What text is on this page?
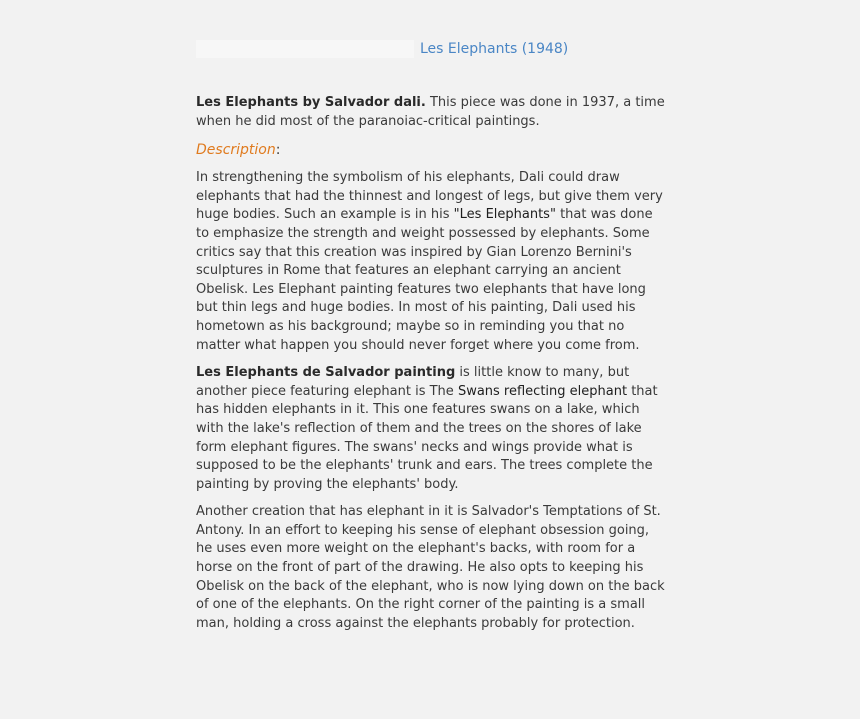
Les Elephants (1948)

Les Elephants by Salvador dali. This piece was done in 1937, a time when he did most of the paranoiac-critical paintings.

Description:

In strengthening the symbolism of his elephants, Dali could draw elephants that had the thinnest and longest of legs, but give them very huge bodies. Such an example is in his "Les Elephants" that was done to emphasize the strength and weight possessed by elephants. Some critics say that this creation was inspired by Gian Lorenzo Bernini's sculptures in Rome that features an elephant carrying an ancient Obelisk. Les Elephant painting features two elephants that have long but thin legs and huge bodies. In most of his painting, Dali used his hometown as his background; maybe so in reminding you that no matter what happen you should never forget where you come from.

Les Elephants de Salvador painting is little know to many, but another piece featuring elephant is The Swans reflecting elephant that has hidden elephants in it. This one features swans on a lake, which with the lake's reflection of them and the trees on the shores of lake form elephant figures. The swans' necks and wings provide what is supposed to be the elephants' trunk and ears. The trees complete the painting by proving the elephants' body.

Another creation that has elephant in it is Salvador's Temptations of St. Antony. In an effort to keeping his sense of elephant obsession going, he uses even more weight on the elephant's backs, with room for a horse on the front of part of the drawing. He also opts to keeping his Obelisk on the back of the elephant, who is now lying down on the back of one of the elephants. On the right corner of the painting is a small man, holding a cross against the elephants probably for protection.
